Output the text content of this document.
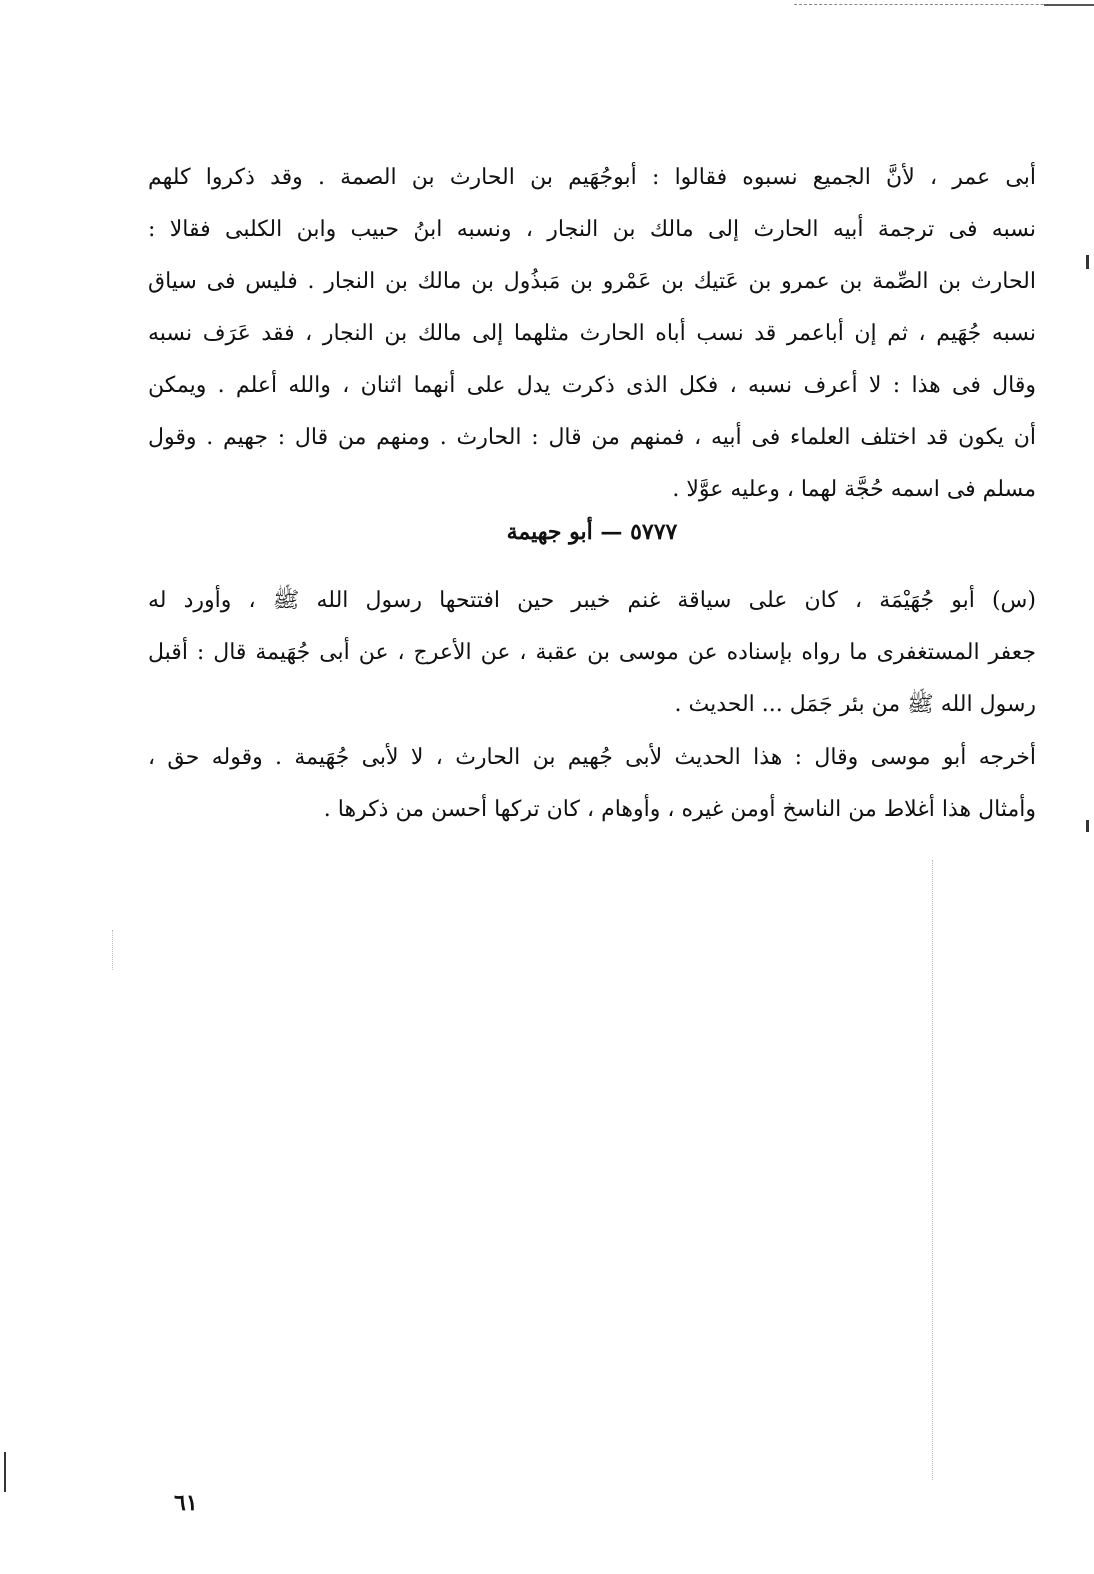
أبى عمر ، لأنَّ الجميع نسبوه فقالوا : أبوجُهَيم بن الحارث بن الصمة . وقد ذكروا كلهم
نسبه فى ترجمة أبيه الحارث إلى مالك بن النجار ، ونسبه ابنُ حبيب وابن الكلبى فقالا :
الحارث بن الصِّمة بن عمرو بن عَتيك بن عَمْرو بن مَبذُول بن مالك بن النجار . فليس فى سياق
نسبه جُهَيم ، ثم إن أباعمر قد نسب أباه الحارث مثلهما إلى مالك بن النجار ، فقد عَرَف نسبه
وقال فى هذا : لا أعرف نسبه ، فكل الذى ذكرت يدل على أنهما اثنان ، والله أعلم . ويمكن
أن يكون قد اختلف العلماء فى أبيه ، فمنهم من قال : الحارث . ومنهم من قال : جهيم . وقول
مسلم فى اسمه حُجَّة لهما ، وعليه عوَّلا .
٥٧٧٧ — أبو جهيمة
(س) أبو جُهَيْمَة ، كان على سياقة غنم خيبر حين افتتحها رسول الله ﷺ ، وأورد له
جعفر المستغفرى ما رواه بإسناده عن موسى بن عقبة ، عن الأعرج ، عن أبى جُهَيمة قال : أقبل
رسول الله ﷺ من بئر جَمَل ... الحديث .
أخرجه أبو موسى وقال : هذا الحديث لأبى جُهيم بن الحارث ، لا لأبى جُهَيمة . وقوله حق ،
وأمثال هذا أغلاط من الناسخ أومن غيره ، وأوهام ، كان تركها أحسن من ذكرها .
٦١
